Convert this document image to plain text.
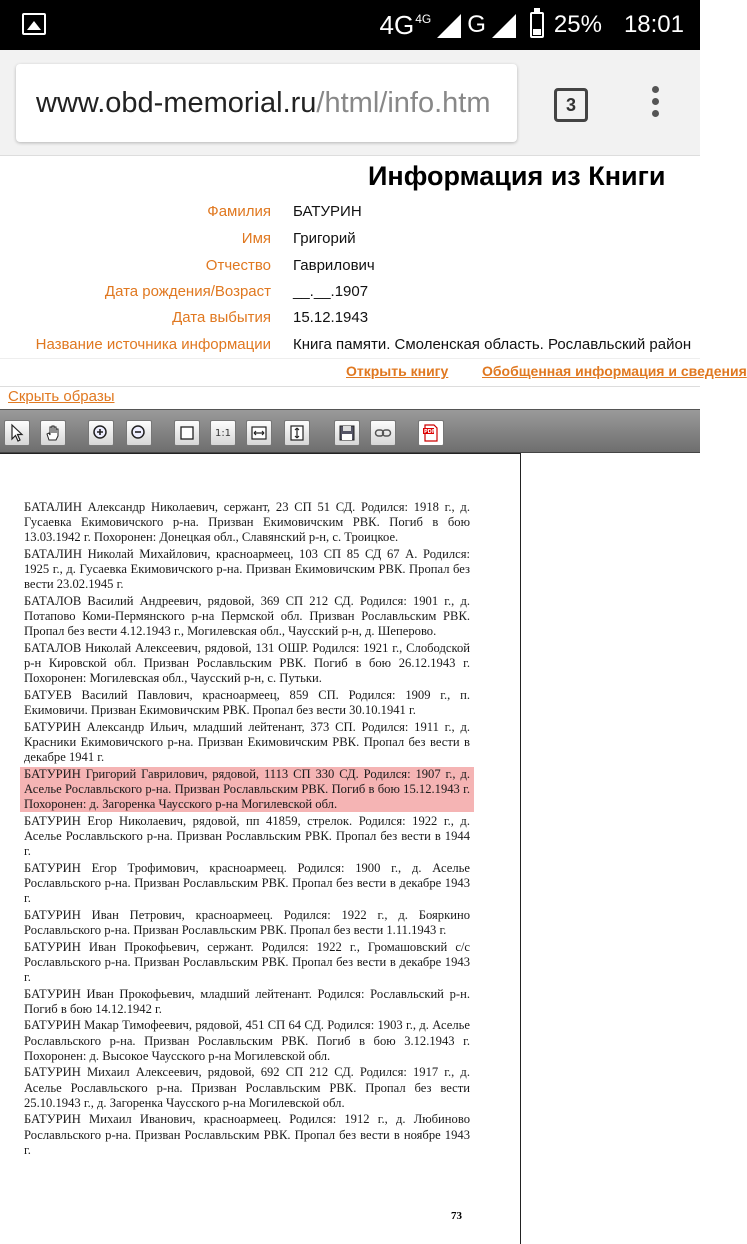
$4G^{4G}$ G	25% 18:01
www.obd-memorial.ru /html/info.htm	3
Информация из Книги
Фамилия БАТУРИН
Имя Григорий
Отчество Гаврилович
Дата рождения/Возраст __.__.1907
Дата выбытия 15.12.1943
Название источника информации Книга памяти. Смоленская область. Рославльский район
Открыть книгу Обобщенная информация и сведения
Скрыть образы
1:1	PDF

БАТАЛИН Александр Николаевич, сержант, 23 СП 51 СД. Родился: 1918 г., д. Гусаевка Екимовичского р-на. Призван Екимовичским РВК. Погиб в бою 13.03.1942 г. Похоронен: Донецкая обл., Славянский р-н, с. Троицкое.

БАТАЛИН Николай Михайлович, красноармеец, 103 СП 85 СД 67 А. Родился: 1925 г., д. Гусаевка Екимовичского р-на. Призван Екимовичским РВК. Пропал без вести 23.02.1945 г.

БАТАЛОВ Василий Андреевич, рядовой, 369 СП 212 СД. Родился: 1901 г., д. Потапово Коми-Пермянского р-на Пермской обл. Призван Рославльским РВК. Пропал без вести 4.12.1943 г., Могилевская обл., Чаусский р-н, д. Шеперово.

БАТАЛОВ Николай Алексеевич, рядовой, 131 ОШР. Родился: 1921 г., Слободской р-н Кировской обл. Призван Рославльским РВК. Погиб в бою 26.12.1943 г. Похоронен: Могилевская обл., Чаусский р-н, с. Путьки.

БАТУЕВ Василий Павлович, красноармеец, 859 СП. Родился: 1909 г., п. Екимовичи. Призван Екимовичским РВК. Пропал без вести 30.10.1941 г.

БАТУРИН Александр Ильич, младший лейтенант, 373 СП. Родился: 1911 г., д. Красники Екимовичского р-на. Призван Екимовичским РВК. Пропал без вести в декабре 1941 г.

БАТУРИН Григорий Гаврилович, рядовой, 1113 СП 330 СД. Родился: 1907 г., д. Аселье Рославльского р-на. Призван Рославльским РВК. Погиб в бою 15.12.1943 г. Похоронен: д. Загоренка Чаусского р-на Могилевской обл.

БАТУРИН Егор Николаевич, рядовой, пп 41859, стрелок. Родился: 1922 г., д. Аселье Рославльского р-на. Призван Рославльским РВК. Пропал без вести в 1944 г.

БАТУРИН Егор Трофимович, красноармеец. Родился: 1900 г., д. Аселье Рославльского р-на. Призван Рославльским РВК. Пропал без вести в декабре 1943 г.

БАТУРИН Иван Петрович, красноармеец. Родился: 1922 г., д. Бояркино Рославльского р-на. Призван Рославльским РВК. Пропал без вести 1.11.1943 г.

БАТУРИН Иван Прокофьевич, сержант. Родился: 1922 г., Громашовский с/с Рославльского р-на. Призван Рославльским РВК. Пропал без вести в декабре 1943 г.

БАТУРИН Иван Прокофьевич, младший лейтенант. Родился: Рославльский р-н. Погиб в бою 14.12.1942 г.

БАТУРИН Макар Тимофеевич, рядовой, 451 СП 64 СД. Родился: 1903 г., д. Аселье Рославльского р-на. Призван Рославльским РВК. Погиб в бою 3.12.1943 г. Похоронен: д. Высокое Чаусского р-на Могилевской обл.

БАТУРИН Михаил Алексеевич, рядовой, 692 СП 212 СД. Родился: 1917 г., д. Аселье Рославльского р-на. Призван Рославльским РВК. Пропал без вести 25.10.1943 г., д. Загоренка Чаусского р-на Могилевской обл.

БАТУРИН Михаил Иванович, красноармеец. Родился: 1912 г., д. Любиново Рославльского р-на. Призван Рославльским РВК. Пропал без вести в ноябре 1943 г.

73
